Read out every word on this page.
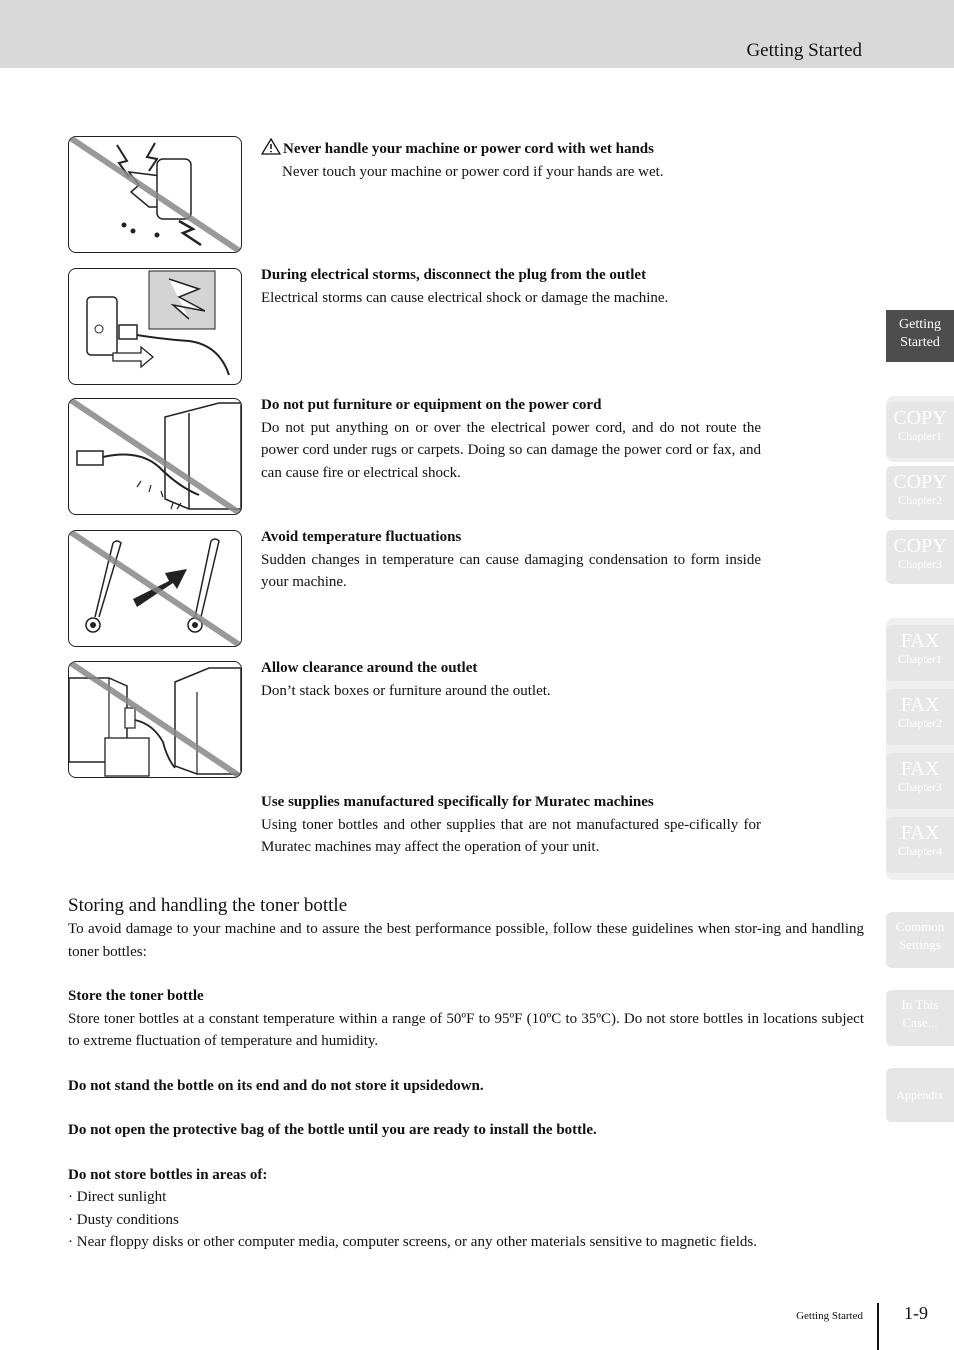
Getting Started
Never handle your machine or power cord with wet hands
Never touch your machine or power cord if your hands are wet.
During electrical storms, disconnect the plug from the outlet
Electrical storms can cause electrical shock or damage the machine.
Do not put furniture or equipment on the power cord
Do not put anything on or over the electrical power cord, and do not route the power cord under rugs or carpets. Doing so can damage the power cord or fax, and can cause fire or electrical shock.
Avoid temperature fluctuations
Sudden changes in temperature can cause damaging condensation to form inside your machine.
Allow clearance around the outlet
Don’t stack boxes or furniture around the outlet.
Use supplies manufactured specifically for Muratec machines
Using toner bottles and other supplies that are not manufactured spe-cifically for Muratec machines may affect the operation of your unit.
Storing and handling the toner bottle

To avoid damage to your machine and to assure the best performance possible, follow these guidelines when stor-ing and handling toner bottles:

Store the toner bottle

Store toner bottles at a constant temperature within a range of 50ºF to 95ºF (10ºC to 35ºC). Do not store bottles in locations subject to extreme fluctuation of temperature and humidity.

Do not stand the bottle on its end and do not store it upsidedown.

Do not open the protective bag of the bottle until you are ready to install the bottle.

Do not store bottles in areas of:

· Direct sunlight

· Dusty conditions

· Near floppy disks or other computer media, computer screens, or any other materials sensitive to magnetic fields.

Getting
Started
COPY
Chapter1
COPY
Chapter2
COPY
Chapter3
FAX
Chapter1
FAX
Chapter2
FAX
Chapter3
FAX
Chapter4
Common
Settings
In This
Case...
Appendix
Getting Started 1-9
